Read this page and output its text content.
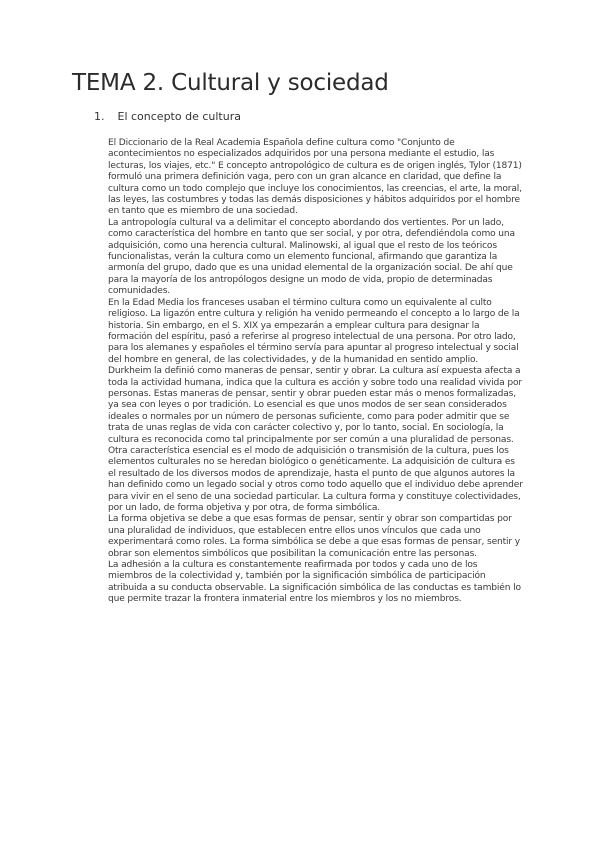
TEMA 2. Cultural y sociedad
1. El concepto de cultura

El Diccionario de la Real Academia Española define cultura como "Conjunto de acontecimientos no especializados adquiridos por una persona mediante el estudio, las lecturas, los viajes, etc." E concepto antropológico de cultura es de origen inglés, Tylor (1871) formuló una primera definición vaga, pero con un gran alcance en claridad, que define la cultura como un todo complejo que incluye los conocimientos, las creencias, el arte, la moral, las leyes, las costumbres y todas las demás disposiciones y hábitos adquiridos por el hombre en tanto que es miembro de una sociedad.

La antropología cultural va a delimitar el concepto abordando dos vertientes. Por un lado, como característica del hombre en tanto que ser social, y por otra, defendiéndola como una adquisición, como una herencia cultural. Malinowski, al igual que el resto de los teóricos funcionalistas, verán la cultura como un elemento funcional, afirmando que garantiza la armonía del grupo, dado que es una unidad elemental de la organización social. De ahí que para la mayoría de los antropólogos designe un modo de vida, propio de determinadas comunidades.

En la Edad Media los franceses usaban el término cultura como un equivalente al culto religioso. La ligazón entre cultura y religión ha venido permeando el concepto a lo largo de la historia. Sin embargo, en el S. XIX ya empezarán a emplear cultura para designar la formación del espíritu, pasó a referirse al progreso intelectual de una persona. Por otro lado, para los alemanes y españoles el término servía para apuntar al progreso intelectual y social del hombre en general, de las colectividades, y de la humanidad en sentido amplio. Durkheim la definió como maneras de pensar, sentir y obrar. La cultura así expuesta afecta a toda la actividad humana, indica que la cultura es acción y sobre todo una realidad vivida por personas. Estas maneras de pensar, sentir y obrar pueden estar más o menos formalizadas, ya sea con leyes o por tradición. Lo esencial es que unos modos de ser sean considerados ideales o normales por un número de personas suficiente, como para poder admitir que se trata de unas reglas de vida con carácter colectivo y, por lo tanto, social. En sociología, la cultura es reconocida como tal principalmente por ser común a una pluralidad de personas.

Otra característica esencial es el modo de adquisición o transmisión de la cultura, pues los elementos culturales no se heredan biológico o genéticamente. La adquisición de cultura es el resultado de los diversos modos de aprendizaje, hasta el punto de que algunos autores la han definido como un legado social y otros como todo aquello que el individuo debe aprender para vivir en el seno de una sociedad particular. La cultura forma y constituye colectividades, por un lado, de forma objetiva y por otra, de forma simbólica.

La forma objetiva se debe a que esas formas de pensar, sentir y obrar son compartidas por una pluralidad de individuos, que establecen entre ellos unos vínculos que cada uno experimentará como roles. La forma simbólica se debe a que esas formas de pensar, sentir y obrar son elementos simbólicos que posibilitan la comunicación entre las personas.

La adhesión a la cultura es constantemente reafirmada por todos y cada uno de los miembros de la colectividad y, también por la significación simbólica de participación atribuida a su conducta observable. La significación simbólica de las conductas es también lo que permite trazar la frontera inmaterial entre los miembros y los no miembros.
